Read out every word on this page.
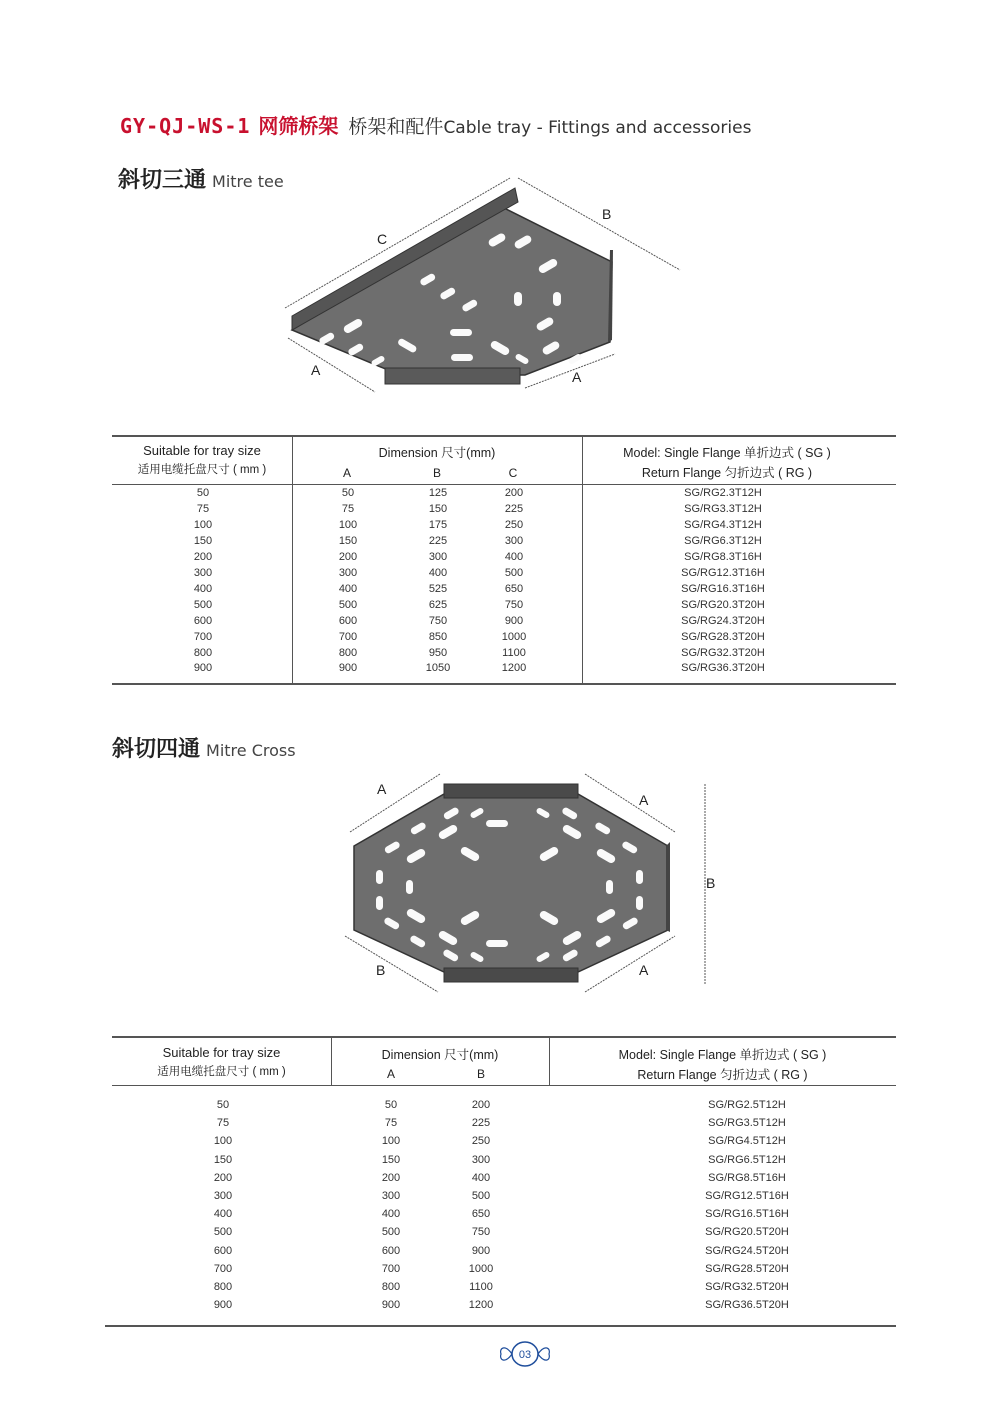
GY-QJ-WS-1 网筛桥架 桥架和配件Cable tray - Fittings and accessories
斜切三通 Mitre tee
C
B
A	A
Suitable for tray size
适用电缆托盘尺寸 ( mm )
Dimension 尺寸(mm)
A	B	C
Model: Single Flange 单折边式 ( SG )
Return Flange 匀折边式 ( RG )
50	50	125	200	SG/RG2.3T12H
75	75	150	225	SG/RG3.3T12H
100	100	175	250	SG/RG4.3T12H
150	150	225	300	SG/RG6.3T12H
200	200	300	400	SG/RG8.3T16H
300	300	400	500	SG/RG12.3T16H
400	400	525	650	SG/RG16.3T16H
500	500	625	750	SG/RG20.3T20H
600	600	750	900	SG/RG24.3T20H
700	700	850	1000	SG/RG28.3T20H
800	800	950	1100	SG/RG32.3T20H
900	900	1050	1200	SG/RG36.3T20H
斜切四通 Mitre Cross
A
A
B
B	A
Suitable for tray size
适用电缆托盘尺寸 ( mm )
Dimension 尺寸(mm)
A	B
Model: Single Flange 单折边式 ( SG )
Return Flange 匀折边式 ( RG )
50	50	200	SG/RG2.5T12H
75	75	225	SG/RG3.5T12H
100	100	250	SG/RG4.5T12H
150	150	300	SG/RG6.5T12H
200	200	400	SG/RG8.5T16H
300	300	500	SG/RG12.5T16H
400	400	650	SG/RG16.5T16H
500	500	750	SG/RG20.5T20H
600	600	900	SG/RG24.5T20H
700	700	1000	SG/RG28.5T20H
800	800	1100	SG/RG32.5T20H
900	900	1200	SG/RG36.5T20H
03
